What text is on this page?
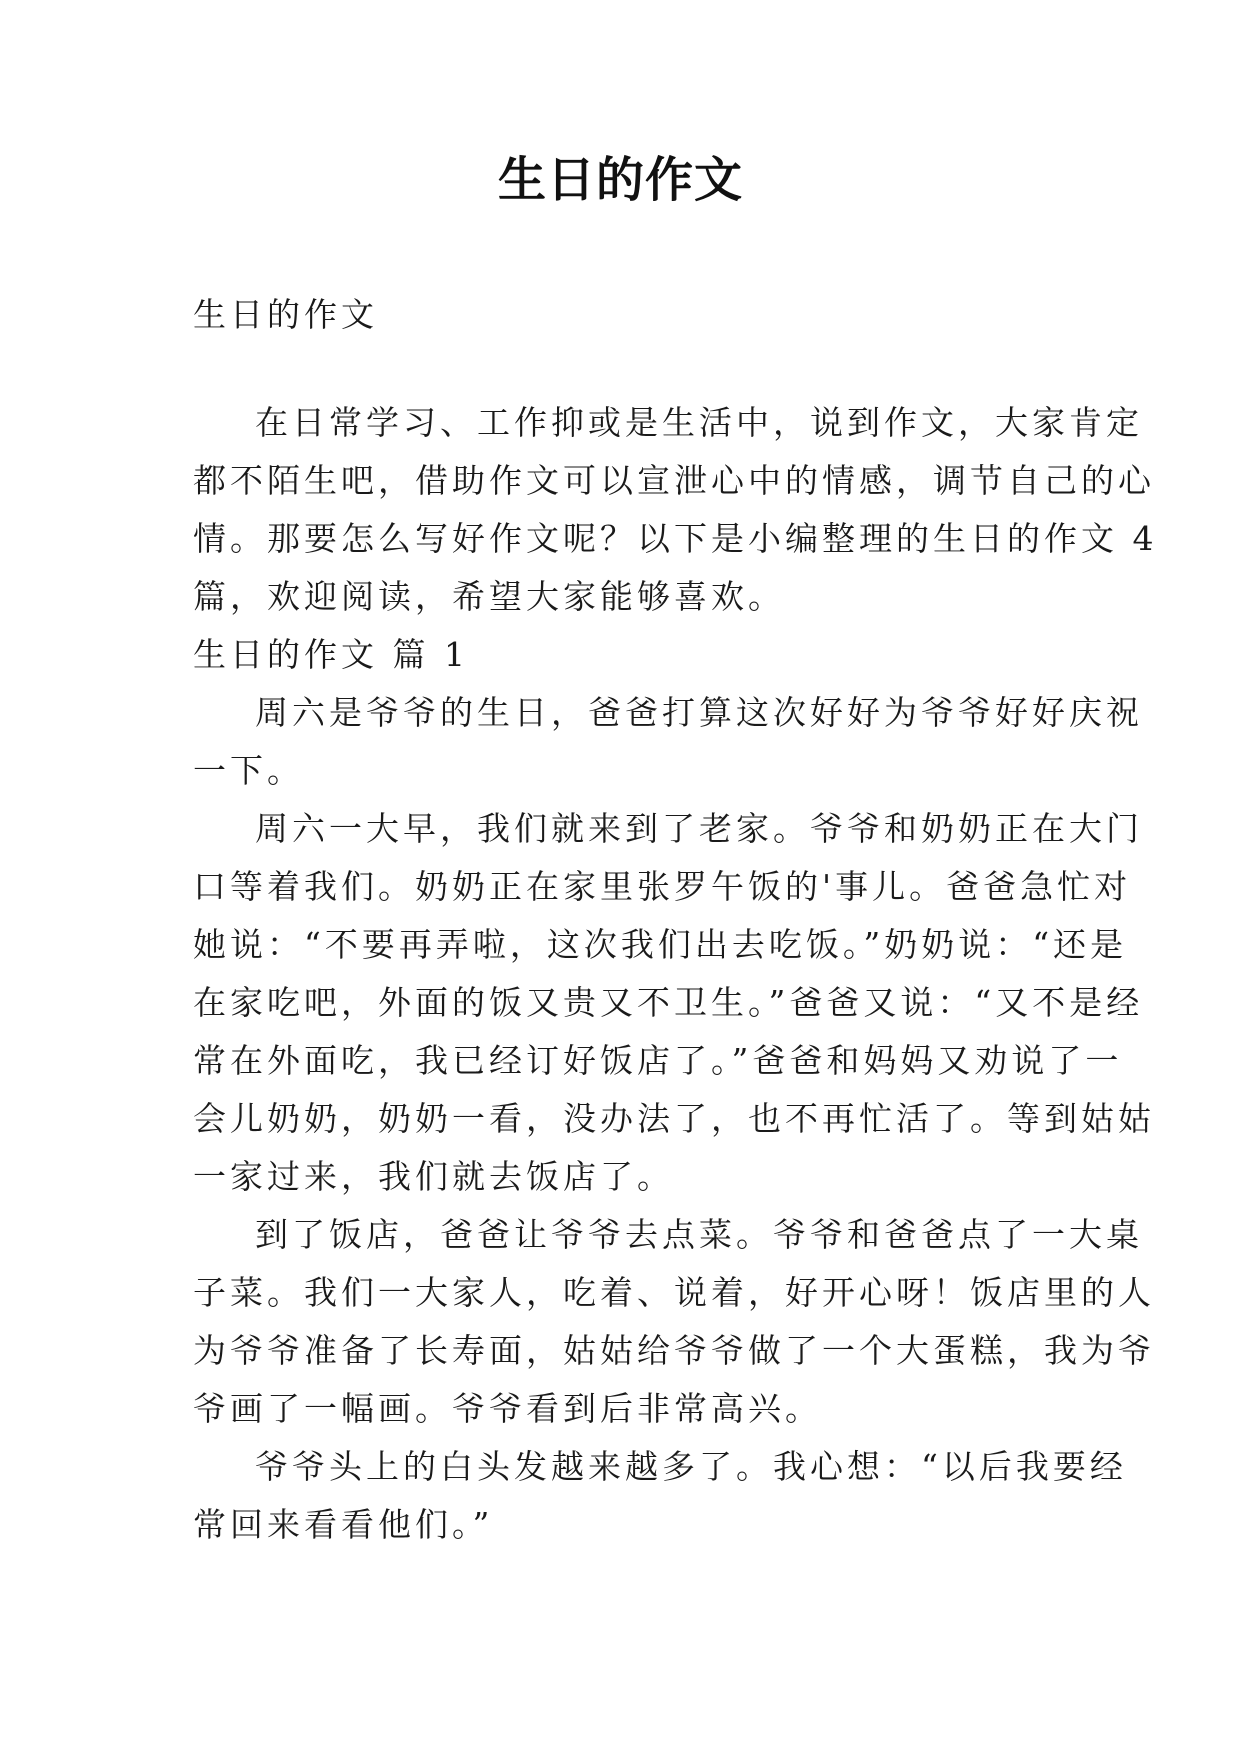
生日的作文
生日的作文
在日常学习、工作抑或是生活中，说到作文，大家肯定
都不陌生吧，借助作文可以宣泄心中的情感，调节自己的心
情。那要怎么写好作文呢？以下是小编整理的生日的作文 4
篇，欢迎阅读，希望大家能够喜欢。
生日的作文 篇 1
周六是爷爷的生日，爸爸打算这次好好为爷爷好好庆祝
一下。
周六一大早，我们就来到了老家。爷爷和奶奶正在大门
口等着我们。奶奶正在家里张罗午饭的'事儿。爸爸急忙对
她说：“不要再弄啦，这次我们出去吃饭。”奶奶说：“还是
在家吃吧，外面的饭又贵又不卫生。”爸爸又说：“又不是经
常在外面吃，我已经订好饭店了。”爸爸和妈妈又劝说了一
会儿奶奶，奶奶一看，没办法了，也不再忙活了。等到姑姑
一家过来，我们就去饭店了。
到了饭店，爸爸让爷爷去点菜。爷爷和爸爸点了一大桌
子菜。我们一大家人，吃着、说着，好开心呀！饭店里的人
为爷爷准备了长寿面，姑姑给爷爷做了一个大蛋糕，我为爷
爷画了一幅画。爷爷看到后非常高兴。
爷爷头上的白头发越来越多了。我心想：“以后我要经
常回来看看他们。”
